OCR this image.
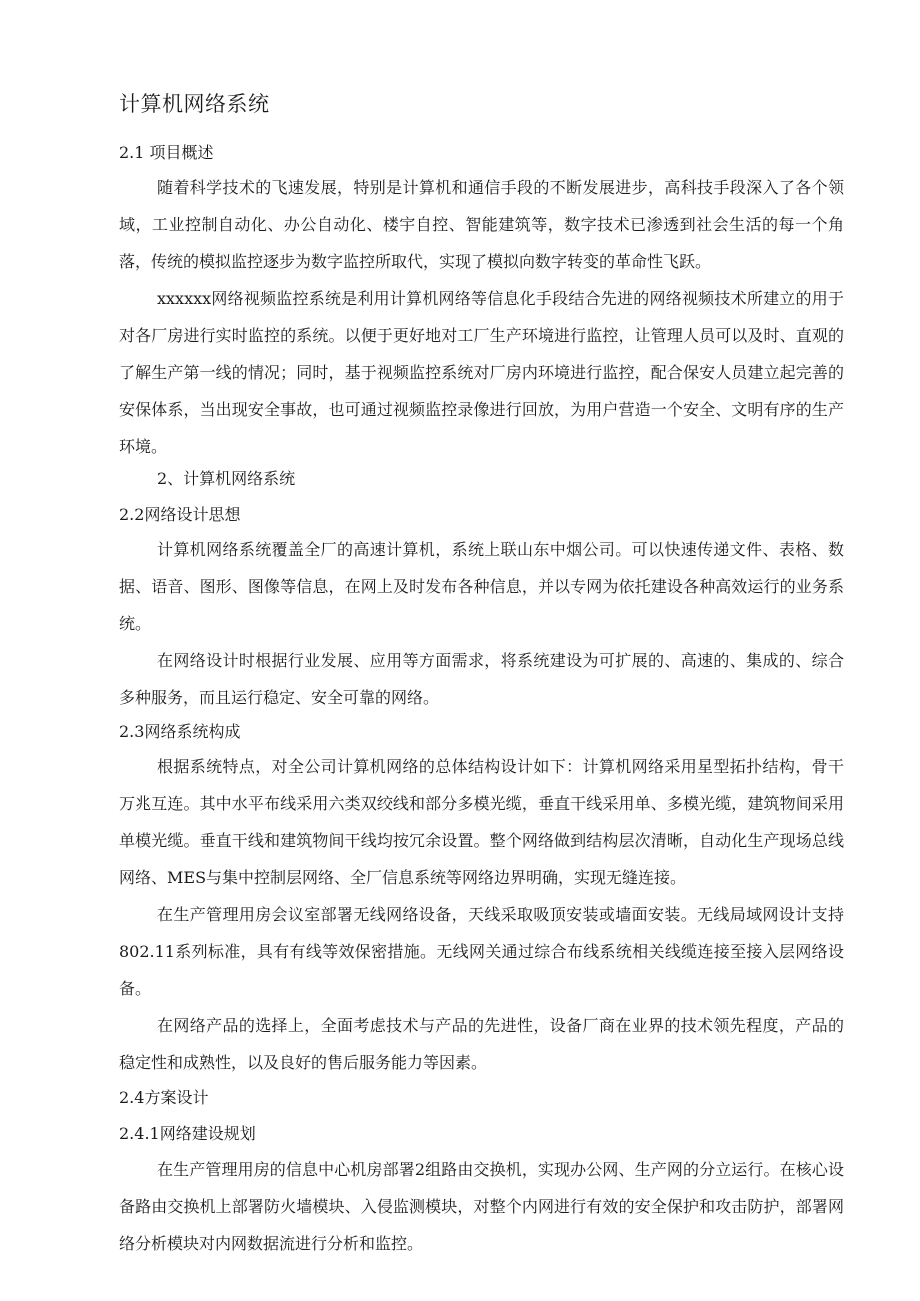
计算机网络系统
2.1 项目概述
随着科学技术的飞速发展，特别是计算机和通信手段的不断发展进步，高科技手段深入了各个领域，工业控制自动化、办公自动化、楼宇自控、智能建筑等，数字技术已渗透到社会生活的每一个角落，传统的模拟监控逐步为数字监控所取代，实现了模拟向数字转变的革命性飞跃。
xxxxxx网络视频监控系统是利用计算机网络等信息化手段结合先进的网络视频技术所建立的用于对各厂房进行实时监控的系统。以便于更好地对工厂生产环境进行监控，让管理人员可以及时、直观的了解生产第一线的情况；同时，基于视频监控系统对厂房内环境进行监控，配合保安人员建立起完善的安保体系，当出现安全事故，也可通过视频监控录像进行回放，为用户营造一个安全、文明有序的生产环境。
2、计算机网络系统
2.2网络设计思想
计算机网络系统覆盖全厂的高速计算机，系统上联山东中烟公司。可以快速传递文件、表格、数据、语音、图形、图像等信息，在网上及时发布各种信息，并以专网为依托建设各种高效运行的业务系统。
在网络设计时根据行业发展、应用等方面需求，将系统建设为可扩展的、高速的、集成的、综合多种服务，而且运行稳定、安全可靠的网络。
2.3网络系统构成
根据系统特点，对全公司计算机网络的总体结构设计如下：计算机网络采用星型拓扑结构，骨干万兆互连。其中水平布线采用六类双绞线和部分多模光缆，垂直干线采用单、多模光缆，建筑物间采用单模光缆。垂直干线和建筑物间干线均按冗余设置。整个网络做到结构层次清晰，自动化生产现场总线网络、MES与集中控制层网络、全厂信息系统等网络边界明确，实现无缝连接。
在生产管理用房会议室部署无线网络设备，天线采取吸顶安装或墙面安装。无线局域网设计支持802.11系列标准，具有有线等效保密措施。无线网关通过综合布线系统相关线缆连接至接入层网络设备。
在网络产品的选择上，全面考虑技术与产品的先进性，设备厂商在业界的技术领先程度，产品的稳定性和成熟性，以及良好的售后服务能力等因素。
2.4方案设计
2.4.1网络建设规划
在生产管理用房的信息中心机房部署2组路由交换机，实现办公网、生产网的分立运行。在核心设备路由交换机上部署防火墙模块、入侵监测模块，对整个内网进行有效的安全保护和攻击防护，部署网络分析模块对内网数据流进行分析和监控。
